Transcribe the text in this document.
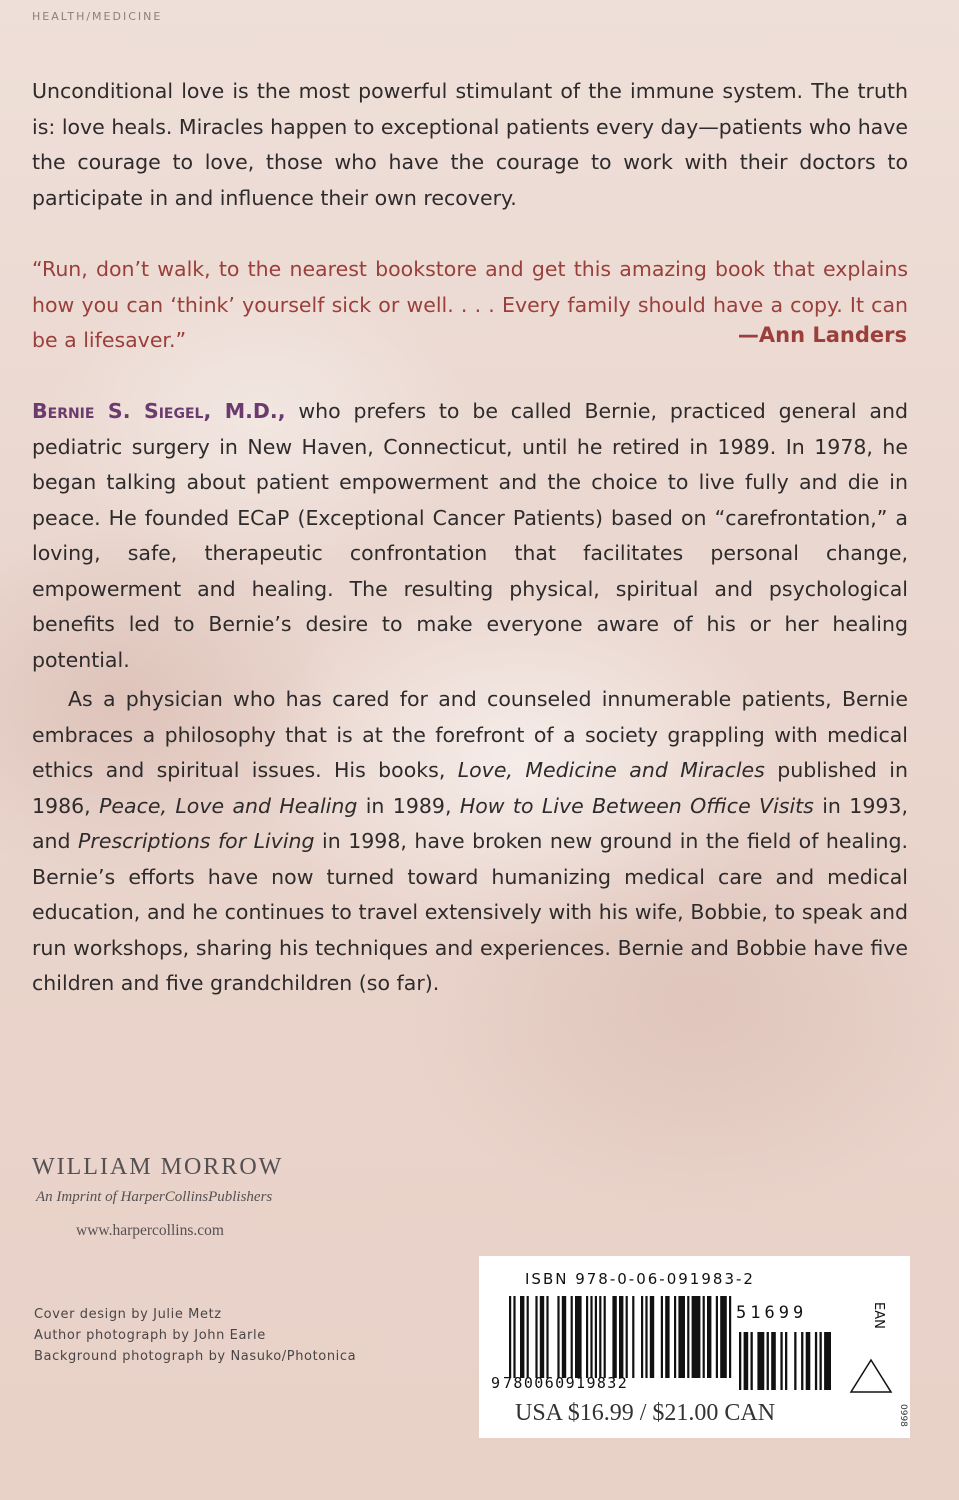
HEALTH/MEDICINE

Unconditional love is the most powerful stimulant of the immune system. The truth is: love heals. Miracles happen to exceptional patients every day—patients who have the courage to love, those who have the courage to work with their doctors to participate in and influence their own recovery.

“Run, don’t walk, to the nearest bookstore and get this amazing book that explains how you can ‘think’ yourself sick or well. . . . Every family should have a copy. It can be a lifesaver.”	—Ann Landers

Bernie S. Siegel, M.D., who prefers to be called Bernie, practiced general and pediatric surgery in New Haven, Connecticut, until he retired in 1989. In 1978, he began talking about patient empowerment and the choice to live fully and die in peace. He founded ECaP (Exceptional Cancer Patients) based on “carefrontation,” a loving, safe, therapeutic confrontation that facilitates personal change, empowerment and healing. The resulting physical, spiritual and psychological benefits led to Bernie’s desire to make everyone aware of his or her healing potential.

As a physician who has cared for and counseled innumerable patients, Bernie embraces a philosophy that is at the forefront of a society grappling with medical ethics and spiritual issues. His books, Love, Medicine and Miracles published in 1986, Peace, Love and Healing in 1989, How to Live Between Office Visits in 1993, and Prescriptions for Living in 1998, have broken new ground in the field of healing. Bernie’s efforts have now turned toward humanizing medical care and medical education, and he continues to travel extensively with his wife, Bobbie, to speak and run workshops, sharing his techniques and experiences. Bernie and Bobbie have five children and five grandchildren (so far).

WILLIAM MORROW
An Imprint of HarperCollinsPublishers
www.harpercollins.com
Cover design by Julie Metz
Author photograph by John Earle
Background photograph by Nasuko/Photonica
ISBN 978-0-06-091983-2
9 780060919832
51699	EAN
USA $16.99 / $21.00 CAN	0998
